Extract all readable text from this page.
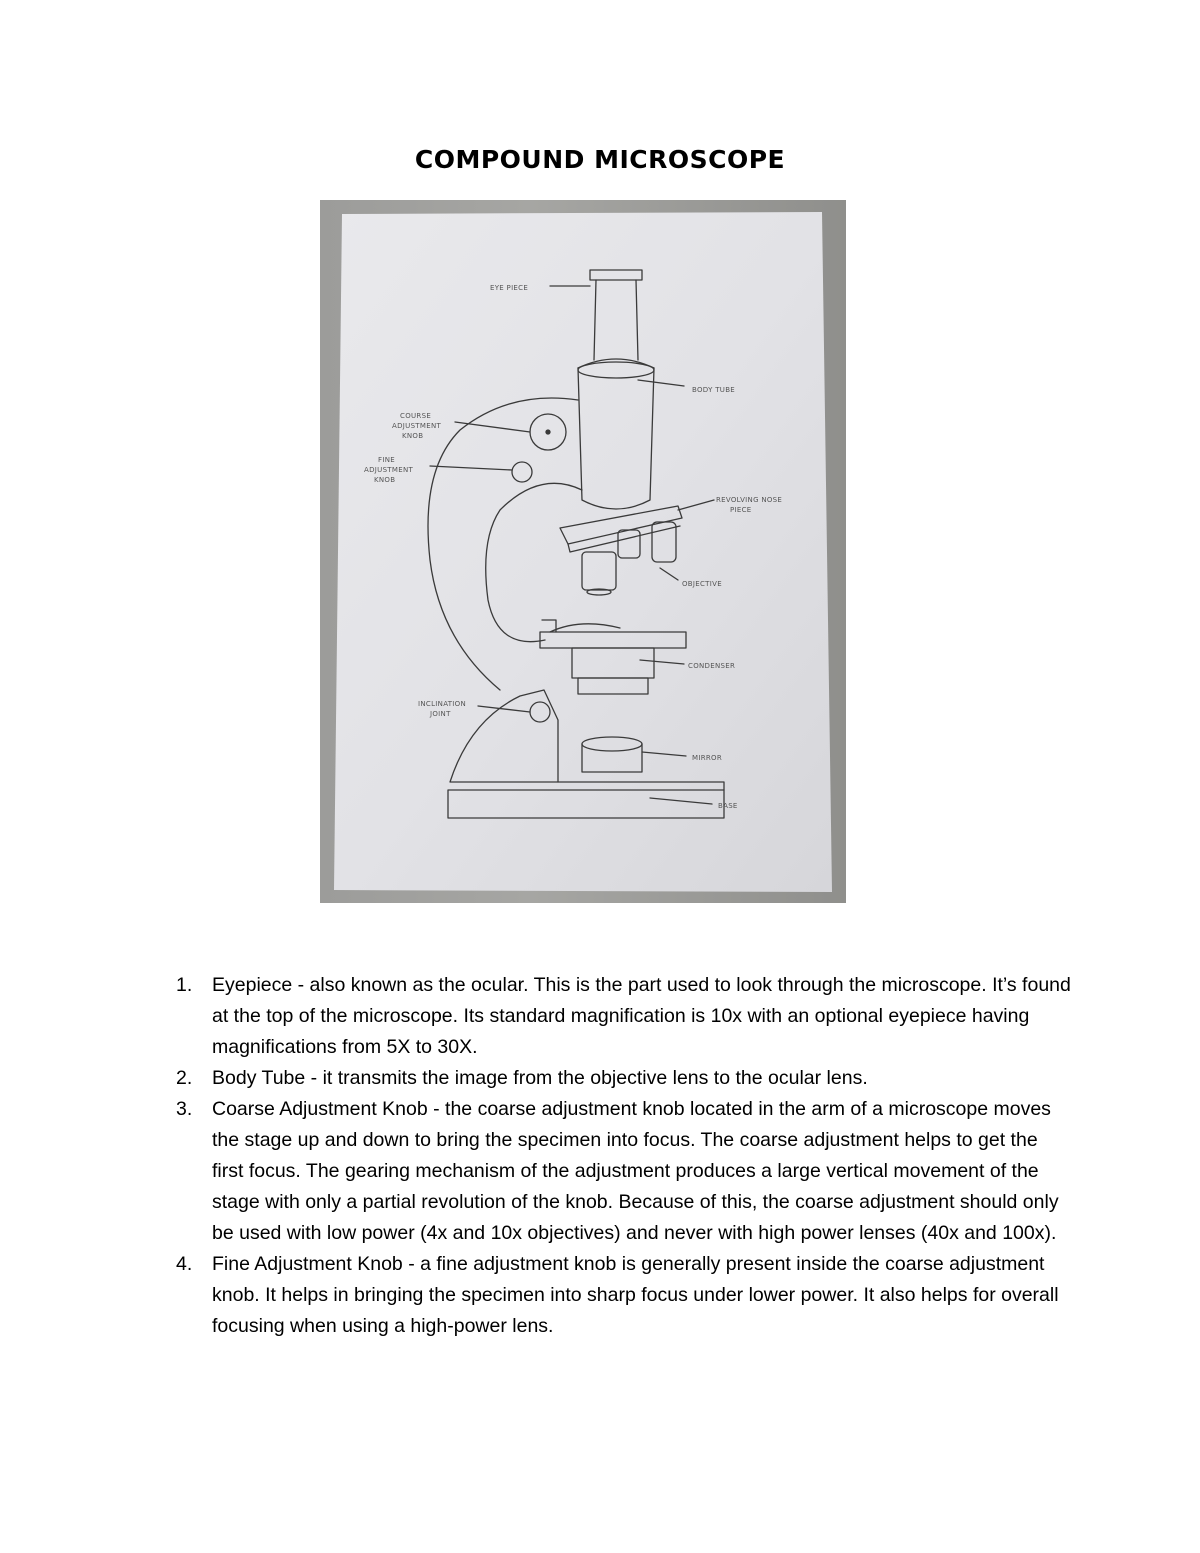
COMPOUND MICROSCOPE
EYE PIECE
BODY TUBE
COURSE
ADJUSTMENT
KNOB
FINE
ADJUSTMENT
KNOB
REVOLVING NOSE
PIECE
OBJECTIVE
CONDENSER
INCLINATION
JOINT
MIRROR
BASE
1. Eyepiece - also known as the ocular. This is the part used to look through the microscope. It’s found at the top of the microscope. Its standard magnification is 10x with an optional eyepiece having magnifications from 5X to 30X.
2. Body Tube - it transmits the image from the objective lens to the ocular lens.
3. Coarse Adjustment Knob - the coarse adjustment knob located in the arm of a microscope moves the stage up and down to bring the specimen into focus. The coarse adjustment helps to get the first focus. The gearing mechanism of the adjustment produces a large vertical movement of the stage with only a partial revolution of the knob. Because of this, the coarse adjustment should only be used with low power (4x and 10x objectives) and never with high power lenses (40x and 100x).
4. Fine Adjustment Knob - a fine adjustment knob is generally present inside the coarse adjustment knob. It helps in bringing the specimen into sharp focus under lower power. It also helps for overall focusing when using a high-power lens.
